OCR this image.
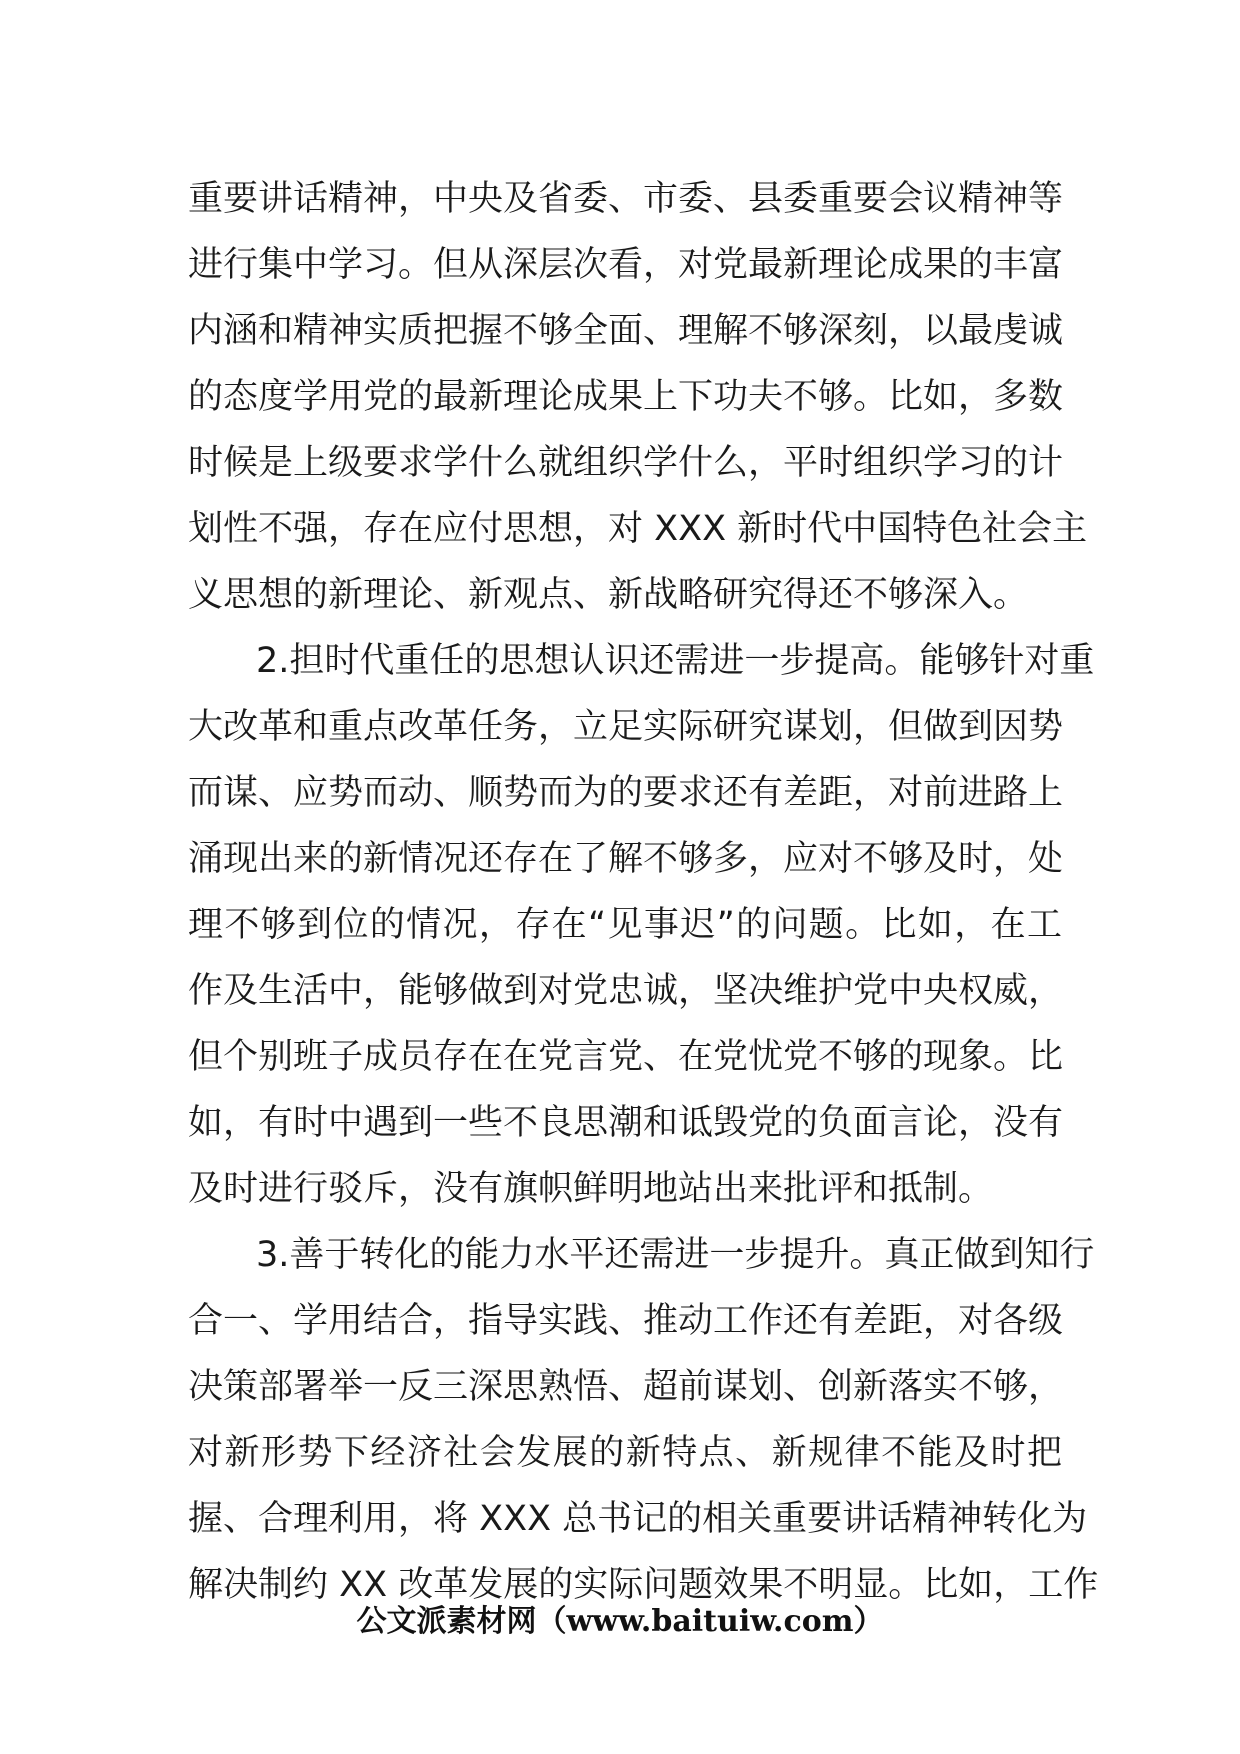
重要讲话精神，中央及省委、市委、县委重要会议精神等
进行集中学习。但从深层次看，对党最新理论成果的丰富
内涵和精神实质把握不够全面、理解不够深刻，以最虔诚
的态度学用党的最新理论成果上下功夫不够。比如，多数
时候是上级要求学什么就组织学什么，平时组织学习的计
划性不强，存在应付思想，对 XXX 新时代中国特色社会主
义思想的新理论、新观点、新战略研究得还不够深入。
2.担时代重任的思想认识还需进一步提高。能够针对重
大改革和重点改革任务，立足实际研究谋划，但做到因势
而谋、应势而动、顺势而为的要求还有差距，对前进路上
涌现出来的新情况还存在了解不够多，应对不够及时，处
理不够到位的情况，存在“见事迟”的问题。比如，在工
作及生活中，能够做到对党忠诚，坚决维护党中央权威，
但个别班子成员存在在党言党、在党忧党不够的现象。比
如，有时中遇到一些不良思潮和诋毁党的负面言论，没有
及时进行驳斥，没有旗帜鲜明地站出来批评和抵制。
3.善于转化的能力水平还需进一步提升。真正做到知行
合一、学用结合，指导实践、推动工作还有差距，对各级
决策部署举一反三深思熟悟、超前谋划、创新落实不够，
对新形势下经济社会发展的新特点、新规律不能及时把
握、合理利用，将 XXX 总书记的相关重要讲话精神转化为
解决制约 XX 改革发展的实际问题效果不明显。比如，工作
公文派素材网（www.baituiw.com）
